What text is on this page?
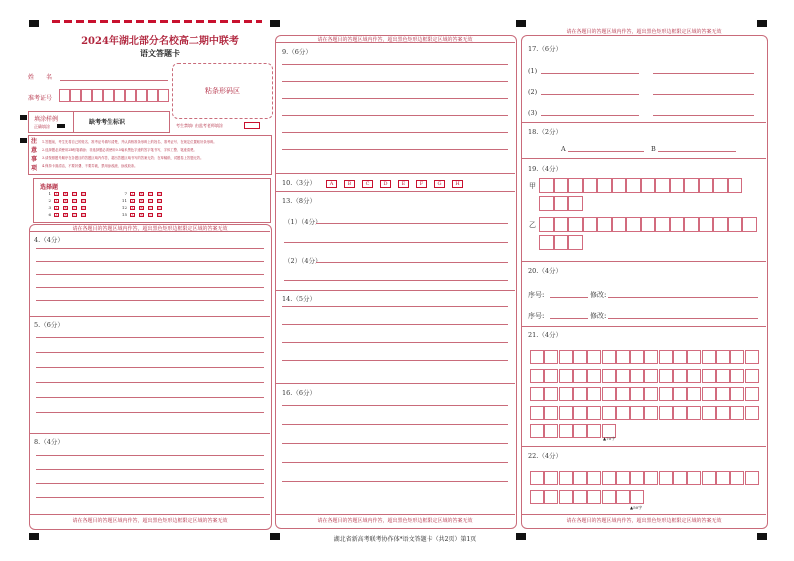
2024年湖北部分名校高二期中联考
语文答题卡
姓　　名
准考证号
粘条形码区
填涂样例
正确填涂
缺考考生标识	考生禁填! 由监考老师填涂
注
意
事
项
1.答题前，考生先将自己的姓名、准考证号填写清楚，并认真核准条形码上的姓名、准考证号、在规定位置贴好条形码。
2.选择题必须使用2B铅笔填涂；非选择题必须使用0.5毫米黑色字迹的签字笔书写，字体工整、笔迹清楚。
3.请按照题号顺序在各题目的答题区域内作答，超出答题区域书写的答案无效；在草稿纸、试题卷上答题无效。
4.保持卡面清洁，不要折叠、不要弄破，禁用涂改液、涂改胶条。
选择题
1	A	B	C	D
2	A	B	C	D
3	A	B	C	D
6	A	B	C	D
7	A	B	C	D
11	A	B	C	D
12	A	B	C	D
15	A	B	C	D
请在各题目的答题区域内作答，超出黑色矩形边框限定区域的答案无效
4.（4分）
5.（6分）
8.（4分）
请在各题目的答题区域内作答，超出黑色矩形边框限定区域的答案无效
请在各题目的答题区域内作答，超出黑色矩形边框限定区域的答案无效
9.（6分）
10.（3分）	A	B	C	D	E	F	G	H
13.（8分）
（1）（4分）
（2）（4分）
14.（5分）
16.（6分）
请在各题目的答题区域内作答，超出黑色矩形边框限定区域的答案无效
请在各题目的答题区域内作答，超出黑色矩形边框限定区域的答案无效
17.（6分）
(1)
(2)
(3)
18.（2分）
A	B
19.（4分）
甲
乙
20.（4分）
序号:	修改:
序号:	修改:
21.（4分）
▲70字
22.（4分）
▲50字
请在各题目的答题区域内作答，超出黑色矩形边框限定区域的答案无效
湖北省新高考联考协作体*语文答题卡（共2页）第1页
